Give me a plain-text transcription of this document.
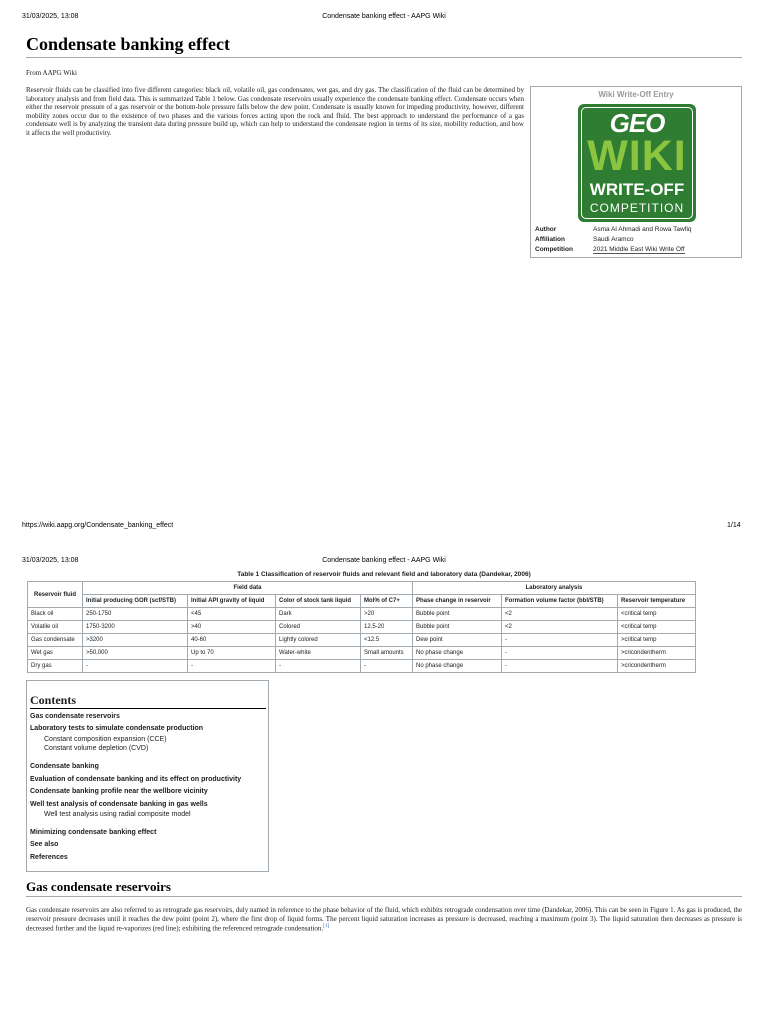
31/03/2025, 13:08	Condensate banking effect - AAPG Wiki
Condensate banking effect
From AAPG Wiki
Reservoir fluids can be classified into five different categories: black oil, volatile oil, gas condensates, wet gas, and dry gas. The classification of the fluid can be determined by laboratory analysis and from field data. This is summarized Table 1 below. Gas condensate reservoirs usually experience the condensate banking effect. Condensate occurs when either the reservoir pressure of a gas reservoir or the bottom-hole pressure falls below the dew point. Condensate is usually known for impeding productivity, however, different mobility zones occur due to the existence of two phases and the various forces acting upon the rock and fluid. The best approach to understand the performance of a gas condensate well is by analyzing the transient data during pressure build up, which can help to understand the condensate region in terms of its size, mobility reduction, and how it affects the well productivity.
Wiki Write-Off Entry
GEO
WIKI
WRITE-OFF
COMPETITION
Author	Asma Al Ahmadi and Rowa Tawfiq
Affiliation	Saudi Aramco
Competition	2021 Middle East Wiki Write Off
https://wiki.aapg.org/Condensate_banking_effect	1/14
31/03/2025, 13:08	Condensate banking effect - AAPG Wiki
Table 1 Classification of reservoir fluids and relevant field and laboratory data (Dandekar, 2006)
Reservoir fluid	Field data				Laboratory analysis		
	Initial producing GOR (scf/STB)	Initial API gravity of liquid	Color of stock tank liquid	Mol% of C7+	Phase change in reservoir	Formation volume factor (bbl/STB)	Reservoir temperature
Black oil	250-1750	<45	Dark	>20	Bubble point	<2	<critical temp
Volatile oil	1750-3200	>40	Colored	12.5-20	Bubble point	<2	<critical temp
Gas condensate	>3200	40-60	Lightly colored	<12.5	Dew point	-	>critical temp
Wet gas	>50,000	Up to 70	Water-white	Small amounts	No phase change	-	>cricondentherm
Dry gas	-	-	-	-	No phase change	-	>cricondentherm
Contents
Gas condensate reservoirs
Laboratory tests to simulate condensate production
Constant composition expansion (CCE)
Constant volume depletion (CVD)
Condensate banking
Evaluation of condensate banking and its effect on productivity
Condensate banking profile near the wellbore vicinity
Well test analysis of condensate banking in gas wells
Well test analysis using radial composite model
Minimizing condensate banking effect
See also
References
Gas condensate reservoirs
Gas condensate reservoirs are also referred to as retrograde gas reservoirs, duly named in reference to the phase behavior of the fluid, which exhibits retrograde condensation over time (Dandekar, 2006). This can be seen in Figure 1. As gas is produced, the reservoir pressure decreases until it reaches the dew point (point 2), where the first drop of liquid forms. The percent liquid saturation increases as pressure is decreased, reaching a maximum (point 3). The liquid saturation then decreases as pressure is decreased further and the liquid re-vaporizes (red line); exhibiting the referenced retrograde condensation.[1]
